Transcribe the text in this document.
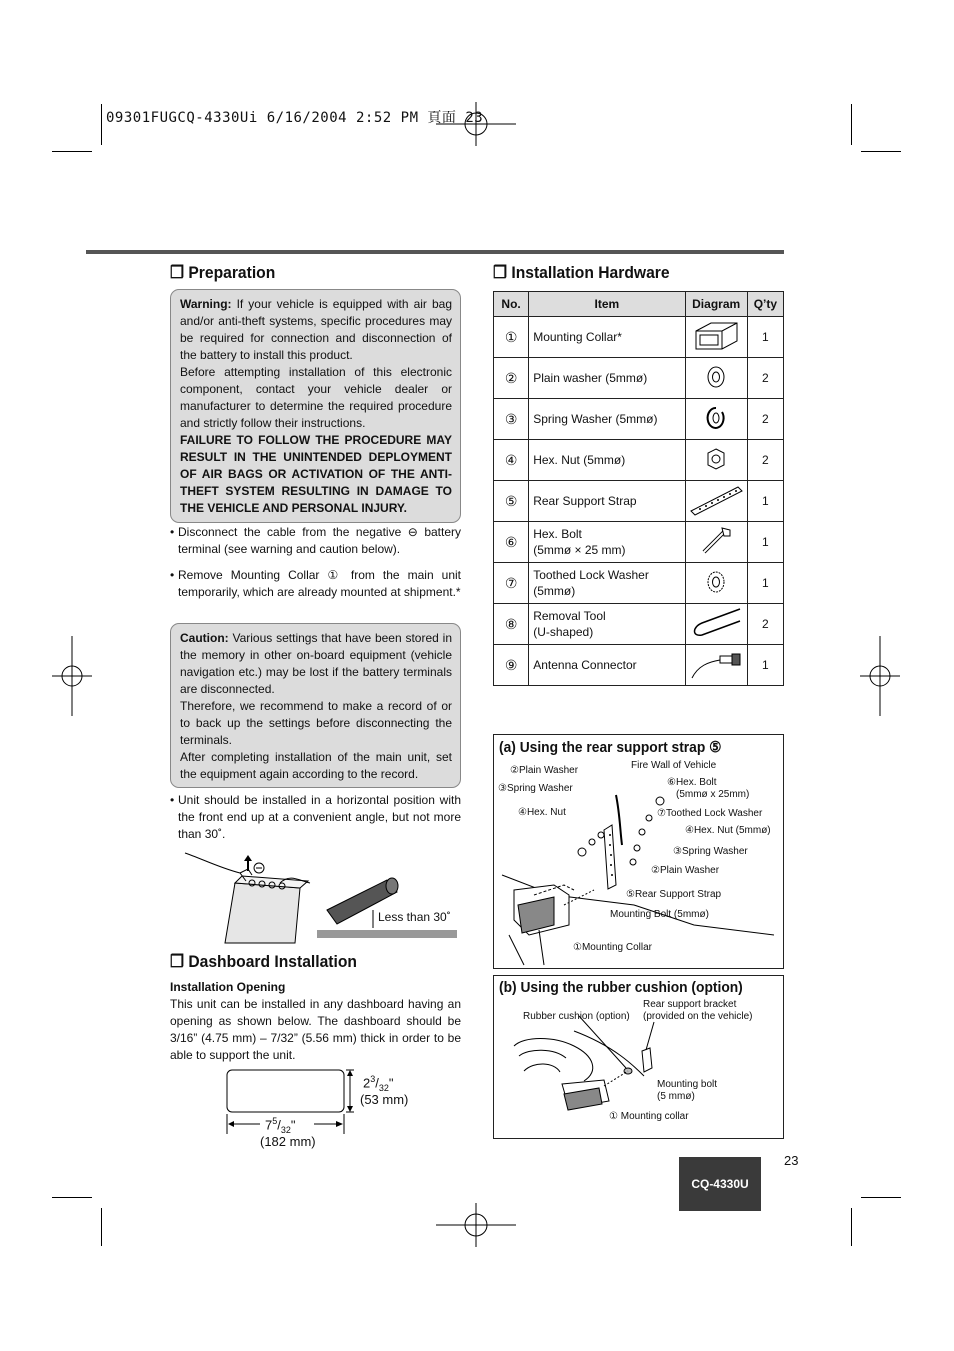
09301FUGCQ-4330Ui 6/16/2004 2:52 PM 頁面 23
❒ Preparation
Warning: If your vehicle is equipped with air bag and/or anti-theft systems, specific procedures may be required for connection and disconnection of the battery to install this product.
Before attempting installation of this electronic component, contact your vehicle dealer or manufacturer to determine the required procedure and strictly follow their instructions.

FAILURE TO FOLLOW THE PROCEDURE MAY RESULT IN THE UNINTENDED DEPLOYMENT OF AIR BAGS OR ACTIVATION OF THE ANTI-THEFT SYSTEM RESULTING IN DAMAGE TO THE VEHICLE AND PERSONAL INJURY.
• Disconnect the cable from the negative ⊖ battery terminal (see warning and caution below).
• Remove Mounting Collar ① from the main unit temporarily, which are already mounted at shipment.*
Caution: Various settings that have been stored in the memory in other on-board equipment (vehicle navigation etc.) may be lost if the battery terminals are disconnected.
Therefore, we recommend to make a record of or to back up the settings before disconnecting the terminals.
After completing installation of the main unit, set the equipment again according to the record.
• Unit should be installed in a horizontal position with the front end up at a convenient angle, but not more than 30˚.
Less than 30˚
❒ Dashboard Installation
Installation Opening
This unit can be installed in any dashboard having an opening as shown below. The dashboard should be 3/16” (4.75 mm) – 7/32” (5.56 mm) thick in order to be able to support the unit.
$2^3/_{32}$"
(53 mm)
$7^5/_{32}$"
(182 mm)
❒ Installation Hardware
No.	Item	Diagram	Q’ty
①	Mounting Collar*		1
②	Plain washer (5mmø)		2
③	Spring Washer (5mmø)		2
④	Hex. Nut (5mmø)		2
⑤	Rear Support Strap		1
⑥	Hex. Bolt
(5mmø × 25 mm)		1
⑦	Toothed Lock Washer
(5mmø)		1
⑧	Removal Tool
(U-shaped)		2
⑨	Antenna Connector		1
(a) Using the rear support strap ⑤
②Plain Washer
③Spring Washer
④Hex. Nut
Fire Wall of Vehicle
⑥Hex. Bolt
(5mmø x 25mm)
⑦Toothed Lock Washer
④Hex. Nut (5mmø)
③Spring Washer
②Plain Washer
⑤Rear Support Strap
Mounting Bolt (5mmø)
①Mounting Collar
(b) Using the rubber cushion (option)
Rubber cushion (option)
Rear support bracket
(provided on the vehicle)
Mounting bolt
(5 mmø)
① Mounting collar
23
CQ-4330U
